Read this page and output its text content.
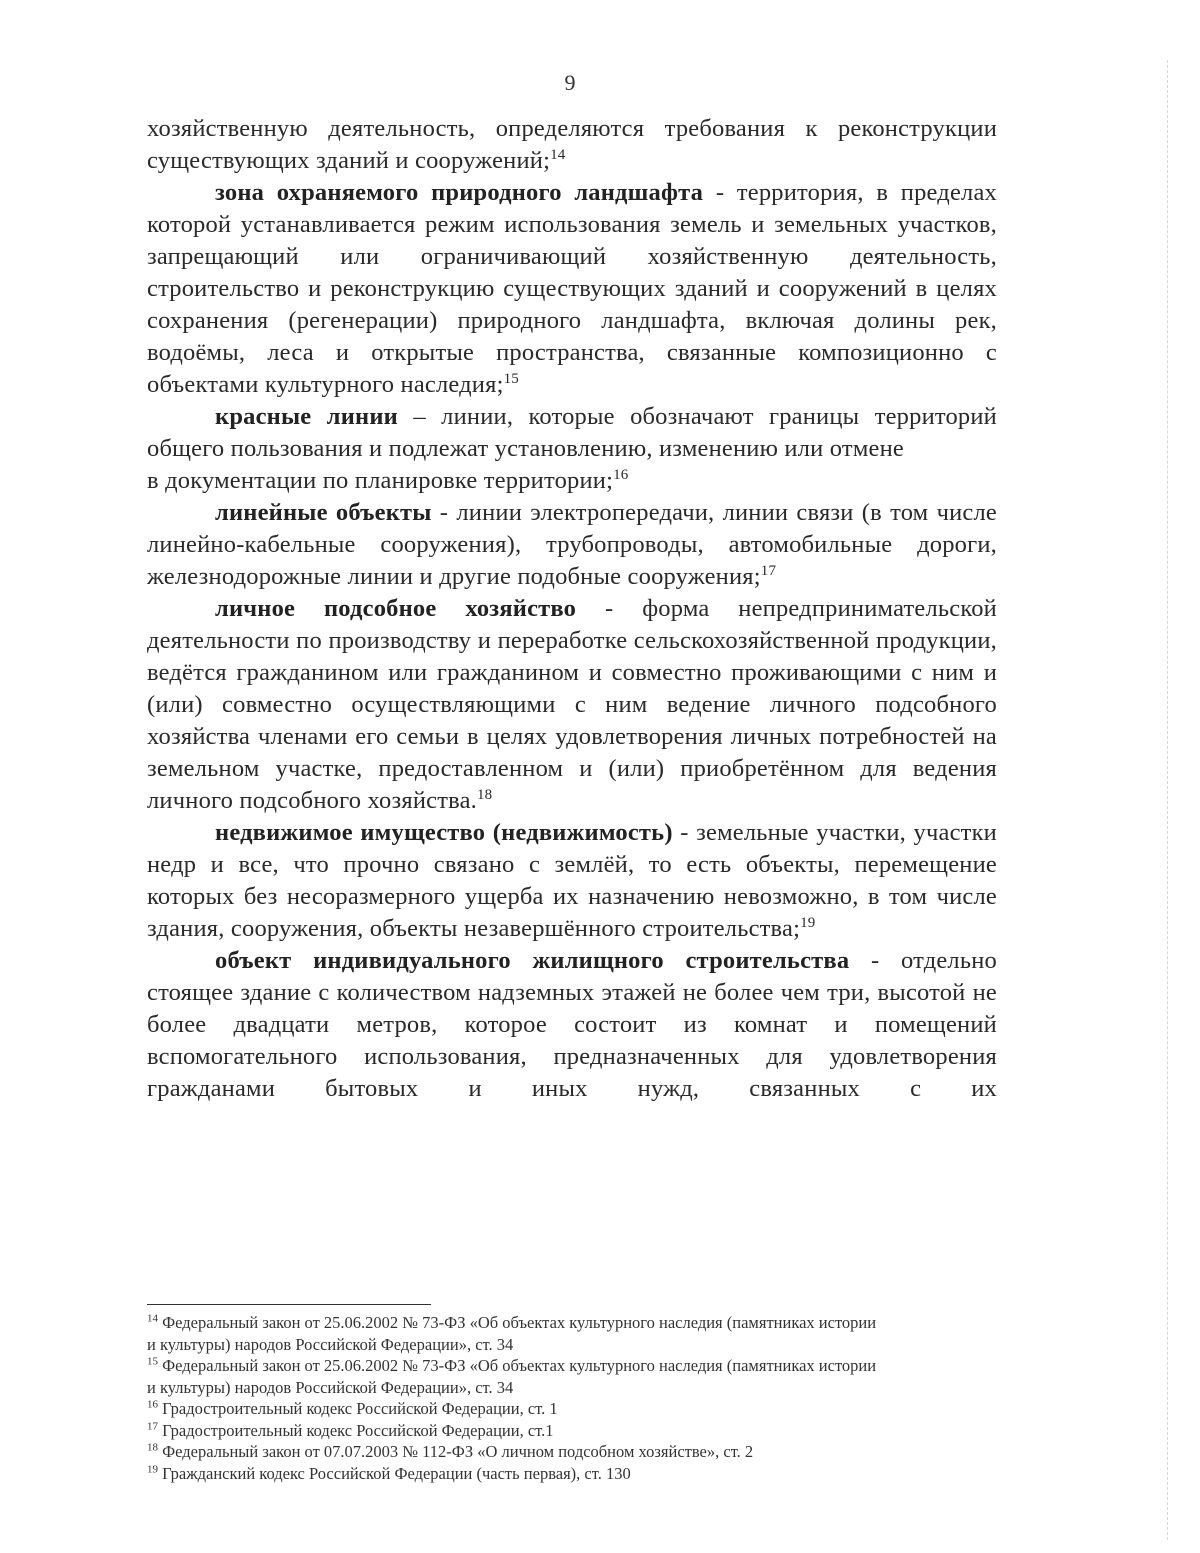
9

хозяйственную деятельность, определяются требования к реконструкции существующих зданий и сооружений;$^{14}$

зона охраняемого природного ландшафта - территория, в пределах которой устанавливается режим использования земель и земельных участков, запрещающий или ограничивающий хозяйственную деятельность, строительство и реконструкцию существующих зданий и сооружений в целях сохранения (регенерации) природного ландшафта, включая долины рек, водоёмы, леса и открытые пространства, связанные композиционно с объектами культурного наследия;$^{15}$

красные линии – линии, которые обозначают границы территорий общего пользования и подлежат установлению, изменению или отмене

в документации по планировке территории;$^{16}$

линейные объекты - линии электропередачи, линии связи (в том числе линейно-кабельные сооружения), трубопроводы, автомобильные дороги, железнодорожные линии и другие подобные сооружения;$^{17}$

личное подсобное хозяйство - форма непредпринимательской деятельности по производству и переработке сельскохозяйственной продукции, ведётся гражданином или гражданином и совместно проживающими с ним и (или) совместно осуществляющими с ним ведение личного подсобного хозяйства членами его семьи в целях удовлетворения личных потребностей на земельном участке, предоставленном и (или) приобретённом для ведения личного подсобного хозяйства.$^{18}$

недвижимое имущество (недвижимость) - земельные участки, участки недр и все, что прочно связано с землёй, то есть объекты, перемещение которых без несоразмерного ущерба их назначению невозможно, в том числе здания, сооружения, объекты незавершённого строительства;$^{19}$

объект индивидуального жилищного строительства - отдельно стоящее здание с количеством надземных этажей не более чем три, высотой не более двадцати метров, которое состоит из комнат и помещений вспомогательного использования, предназначенных для удовлетворения гражданами бытовых и иных нужд, связанных с их

$^{14}$ Федеральный закон от 25.06.2002 № 73-ФЗ «Об объектах культурного наследия (памятниках истории
и культуры) народов Российской Федерации», ст. 34

$^{15}$ Федеральный закон от 25.06.2002 № 73-ФЗ «Об объектах культурного наследия (памятниках истории
и культуры) народов Российской Федерации», ст. 34

$^{16}$ Градостроительный кодекс Российской Федерации, ст. 1

$^{17}$ Градостроительный кодекс Российской Федерации, ст.1

$^{18}$ Федеральный закон от 07.07.2003 № 112-ФЗ «О личном подсобном хозяйстве», ст. 2

$^{19}$ Гражданский кодекс Российской Федерации (часть первая), ст. 130
